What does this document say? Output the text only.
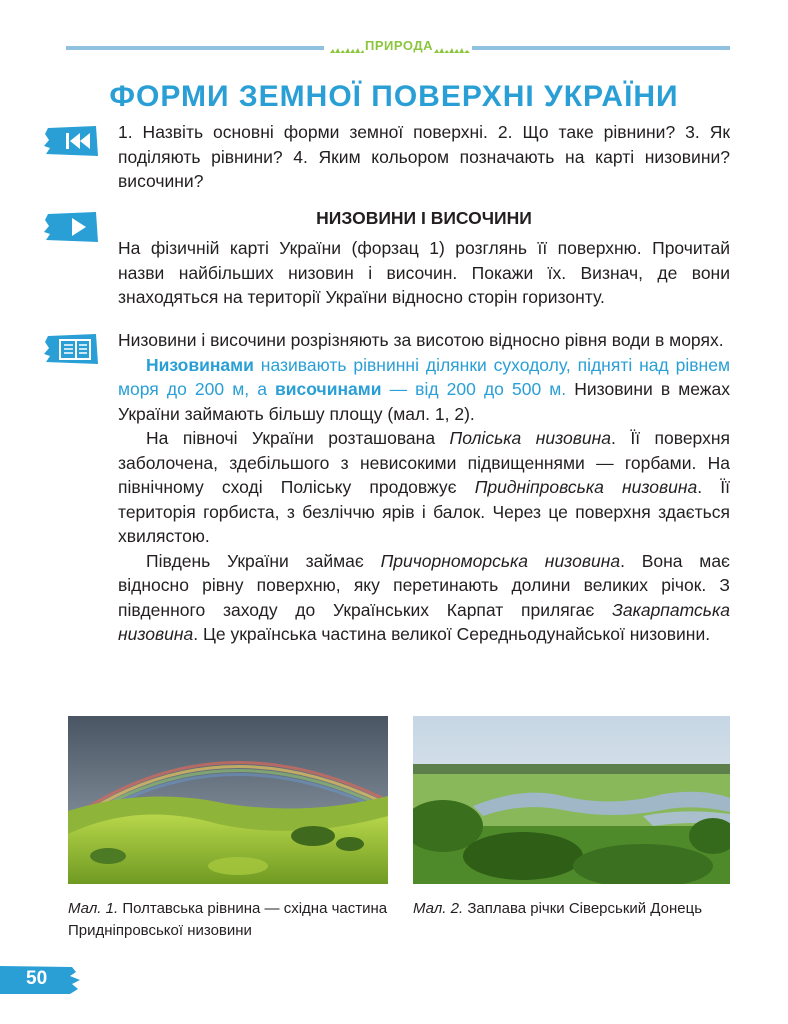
ПРИРОДА
ФОРМИ ЗЕМНОЇ ПОВЕРХНІ УКРАЇНИ
1. Назвіть основні форми земної поверхні. 2. Що таке рівнини? 3. Як поділяють рівнини? 4. Яким кольором позначають на карті низовини? височини?
НИЗОВИНИ І ВИСОЧИНИ
На фізичній карті України (форзац 1) розглянь її поверхню. Прочитай назви найбільших низовин і височин. Покажи їх. Визнач, де вони знаходяться на території України відносно сторін горизонту.

Низовини і височини розрізняють за висотою відносно рівня води в морях.

Низовинами називають рівнинні ділянки суходолу, підняті над рівнем моря до 200 м, а височинами — від 200 до 500 м. Низовини в межах України займають більшу площу (мал. 1, 2).

На півночі України розташована Поліська низовина. Її поверхня заболочена, здебільшого з невисокими підвищеннями — горбами. На північному сході Поліську продовжує Придніпровська низовина. Її територія горбиста, з безліччю ярів і балок. Через це поверхня здається хвилястою.

Південь України займає Причорноморська низовина. Вона має відносно рівну поверхню, яку перетинають долини великих річок. З південного заходу до Українських Карпат прилягає Закарпатська низовина. Це українська частина великої Середньодунайської низовини.

Мал. 1. Полтавська рівнина — східна частина Придніпровської низовини
Мал. 2. Заплава річки Сіверський Донець
50
